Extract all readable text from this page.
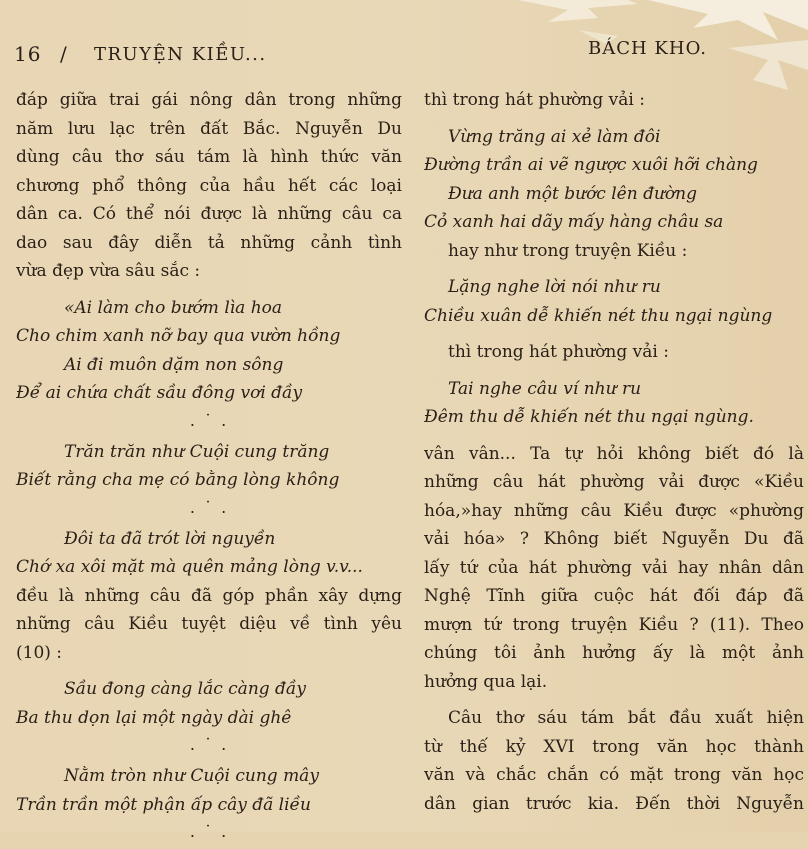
16 / TRUYỆN KIỀU...	BÁCH KHO.
đáp giữa trai gái nông dân trong những
năm lưu lạc trên đất Bắc. Nguyễn Du
dùng câu thơ sáu tám là hình thức văn
chương phổ thông của hầu hết các loại
dân ca. Có thể nói được là những câu ca
dao sau đây diễn tả những cảnh tình
vừa đẹp vừa sâu sắc :
«Ai làm cho bướm lìa hoa
Cho chim xanh nỡ bay qua vườn hồng
Ai đi muôn dặm non sông
Để ai chứa chất sầu đông vơi đầy
. ˙ .
Trăn trăn như Cuội cung trăng
Biết rằng cha mẹ có bằng lòng không
. ˙ .
Đôi ta đã trót lời nguyền
Chớ xa xôi mặt mà quên mảng lòng v.v...
đều là những câu đã góp phần xây dựng
những câu Kiều tuyệt diệu về tình yêu
(10) :
Sầu đong càng lắc càng đầy
Ba thu dọn lại một ngày dài ghê
. ˙ .
Nằm tròn như Cuội cung mây
Trần trần một phận ấp cây đã liều
. ˙ .
thì trong hát phường vải :
Vừng trăng ai xẻ làm đôi
Đường trần ai vẽ ngược xuôi hỡi chàng
Đưa anh một bước lên đường
Cỏ xanh hai dãy mấy hàng châu sa
hay như trong truyện Kiều :
Lặng nghe lời nói như ru
Chiều xuân dễ khiến nét thu ngại ngùng
thì trong hát phường vải :
Tai nghe câu ví như ru
Đêm thu dễ khiến nét thu ngại ngùng.
vân vân... Ta tự hỏi không biết đó là
những câu hát phường vải được «Kiều
hóa,»hay những câu Kiều được «phường
vải hóa» ? Không biết Nguyễn Du đã
lấy tứ của hát phường vải hay nhân dân
Nghệ Tĩnh giữa cuộc hát đối đáp đã
mượn tứ trong truyện Kiều ? (11). Theo
chúng tôi ảnh hưởng ấy là một ảnh
hưởng qua lại.
Câu thơ sáu tám bắt đầu xuất hiện
từ thế kỷ XVI trong văn học thành
văn và chắc chắn có mặt trong văn học
dân gian trước kia. Đến thời Nguyễn
